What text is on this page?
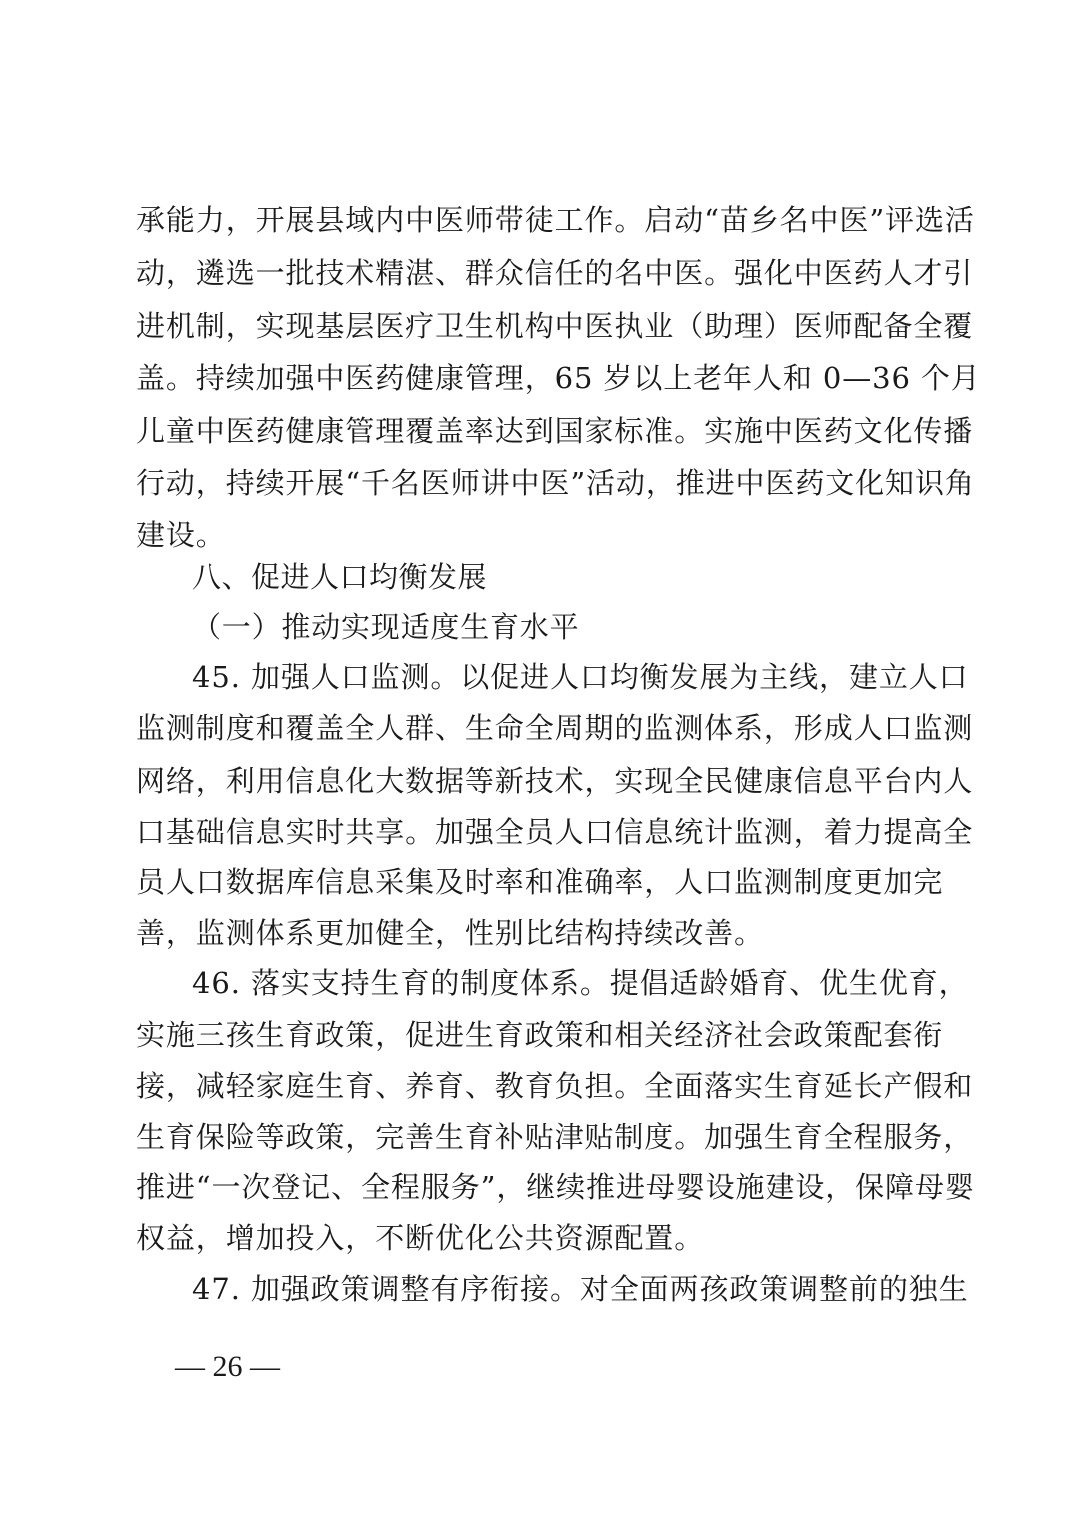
承能力，开展县域内中医师带徒工作。启动“苗乡名中医”评选活
动，遴选一批技术精湛、群众信任的名中医。强化中医药人才引
进机制，实现基层医疗卫生机构中医执业（助理）医师配备全覆
盖。持续加强中医药健康管理，65 岁以上老年人和 0—36 个月
儿童中医药健康管理覆盖率达到国家标准。实施中医药文化传播
行动，持续开展“千名医师讲中医”活动，推进中医药文化知识角
建设。
八、促进人口均衡发展
（一）推动实现适度生育水平
45. 加强人口监测。以促进人口均衡发展为主线，建立人口
监测制度和覆盖全人群、生命全周期的监测体系，形成人口监测
网络，利用信息化大数据等新技术，实现全民健康信息平台内人
口基础信息实时共享。加强全员人口信息统计监测，着力提高全
员人口数据库信息采集及时率和准确率，人口监测制度更加完
善，监测体系更加健全，性别比结构持续改善。
46. 落实支持生育的制度体系。提倡适龄婚育、优生优育，
实施三孩生育政策，促进生育政策和相关经济社会政策配套衔
接，减轻家庭生育、养育、教育负担。全面落实生育延长产假和
生育保险等政策，完善生育补贴津贴制度。加强生育全程服务，
推进“一次登记、全程服务”，继续推进母婴设施建设，保障母婴
权益，增加投入，不断优化公共资源配置。
47. 加强政策调整有序衔接。对全面两孩政策调整前的独生
— 26 —
